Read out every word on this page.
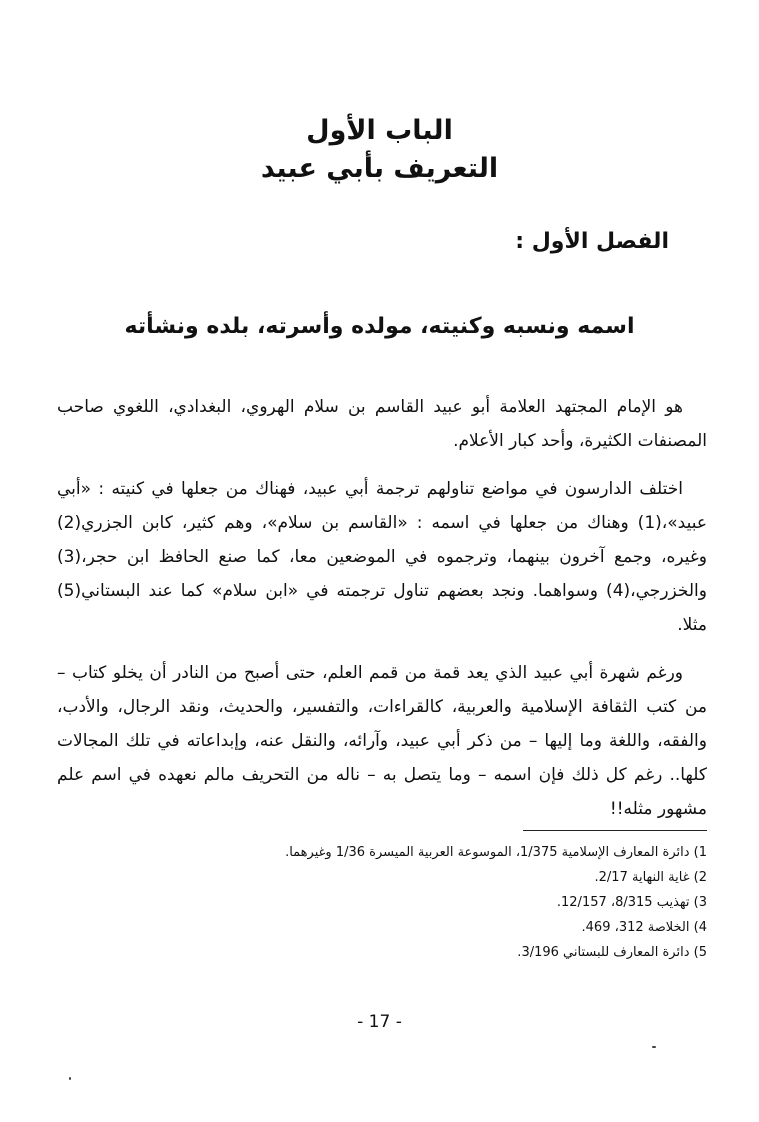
الباب الأول
التعريف بأبي عبيد
الفصل الأول :
اسمه ونسبه وكنيته، مولده وأسرته، بلده ونشأته

هو الإمام المجتهد العلامة أبو عبيد القاسم بن سلام الهروي، البغدادي، اللغوي صاحب المصنفات الكثيرة، وأحد كبار الأعلام.

اختلف الدارسون في مواضع تناولهم ترجمة أبي عبيد، فهناك من جعلها في كنيته : «أبي عبيد»،(1) وهناك من جعلها في اسمه : «القاسم بن سلام»، وهم كثير، كابن الجزري(2) وغيره، وجمع آخرون بينهما، وترجموه في الموضعين معا، كما صنع الحافظ ابن حجر،(3) والخزرجي،(4) وسواهما. ونجد بعضهم تناول ترجمته في «ابن سلام» كما عند البستاني(5) مثلا.

ورغم شهرة أبي عبيد الذي يعد قمة من قمم العلم، حتى أصبح من النادر أن يخلو كتاب – من كتب الثقافة الإسلامية والعربية، كالقراءات، والتفسير، والحديث، ونقد الرجال، والأدب، والفقه، واللغة وما إليها – من ذكر أبي عبيد، وآرائه، والنقل عنه، وإبداعاته في تلك المجالات كلها.. رغم كل ذلك فإن اسمه – وما يتصل به – ناله من التحريف مالم نعهده في اسم علم مشهور مثله!!

1) دائرة المعارف الإسلامية 1/375، الموسوعة العربية الميسرة 1/36 وغيرهما.
2) غاية النهاية 2/17.
3) تهذيب 8/315، 12/157.
4) الخلاصة 312، 469.
5) دائرة المعارف للبستاني 3/196.
- 17 -
